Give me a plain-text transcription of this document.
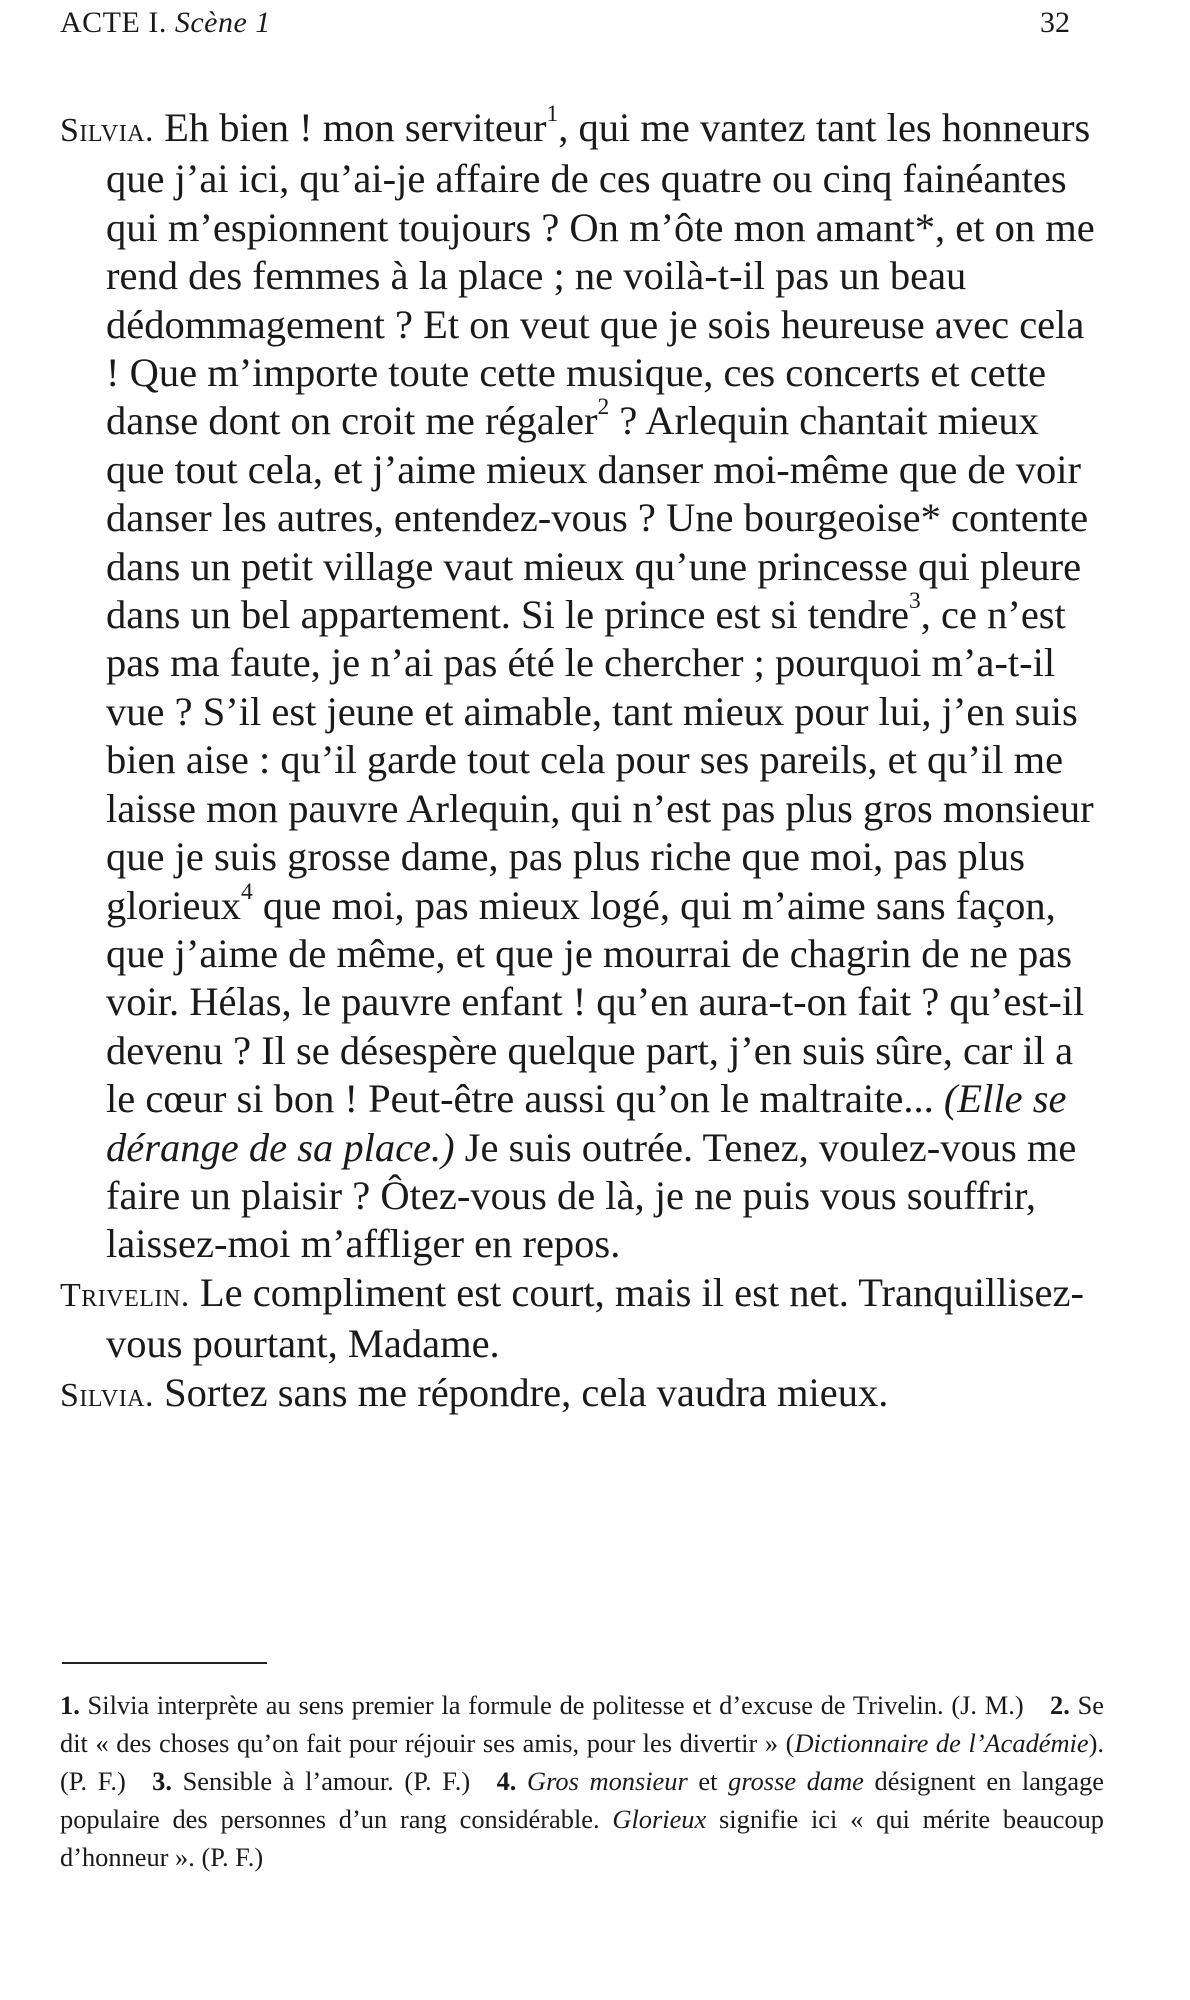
ACTE I. Scène 1	32

Silvia. Eh bien ! mon serviteur$^1$, qui me vantez tant les honneurs que j’ai ici, qu’ai-je affaire de ces quatre ou cinq fainéantes qui m’espionnent toujours ? On m’ôte mon amant*, et on me rend des femmes à la place ; ne voilà-t-il pas un beau dédommagement ? Et on veut que je sois heureuse avec cela ! Que m’importe toute cette musique, ces concerts et cette danse dont on croit me régaler$^2$ ? Arlequin chantait mieux que tout cela, et j’aime mieux danser moi-même que de voir danser les autres, entendez-vous ? Une bourgeoise* contente dans un petit village vaut mieux qu’une princesse qui pleure dans un bel appartement. Si le prince est si tendre$^3$, ce n’est pas ma faute, je n’ai pas été le chercher ; pourquoi m’a-t-il vue ? S’il est jeune et aimable, tant mieux pour lui, j’en suis bien aise : qu’il garde tout cela pour ses pareils, et qu’il me laisse mon pauvre Arlequin, qui n’est pas plus gros monsieur que je suis grosse dame, pas plus riche que moi, pas plus glorieux$^4$ que moi, pas mieux logé, qui m’aime sans façon, que j’aime de même, et que je mourrai de chagrin de ne pas voir. Hélas, le pauvre enfant ! qu’en aura-t-on fait ? qu’est-il devenu ? Il se désespère quelque part, j’en suis sûre, car il a le cœur si bon ! Peut-être aussi qu’on le maltraite... (Elle se dérange de sa place.) Je suis outrée. Tenez, voulez-vous me faire un plaisir ? Ôtez-vous de là, je ne puis vous souffrir, laissez-moi m’affliger en repos.

Trivelin. Le compliment est court, mais il est net. Tranquillisez-vous pourtant, Madame.

Silvia. Sortez sans me répondre, cela vaudra mieux.

1. Silvia interprète au sens premier la formule de politesse et d’excuse de Trivelin. (J. M.)  2. Se dit « des choses qu’on fait pour réjouir ses amis, pour les divertir » (Dictionnaire de l’Académie). (P. F.)  3. Sensible à l’amour. (P. F.)  4. Gros monsieur et grosse dame désignent en langage populaire des personnes d’un rang considérable. Glorieux signifie ici « qui mérite beaucoup d’honneur ». (P. F.)
